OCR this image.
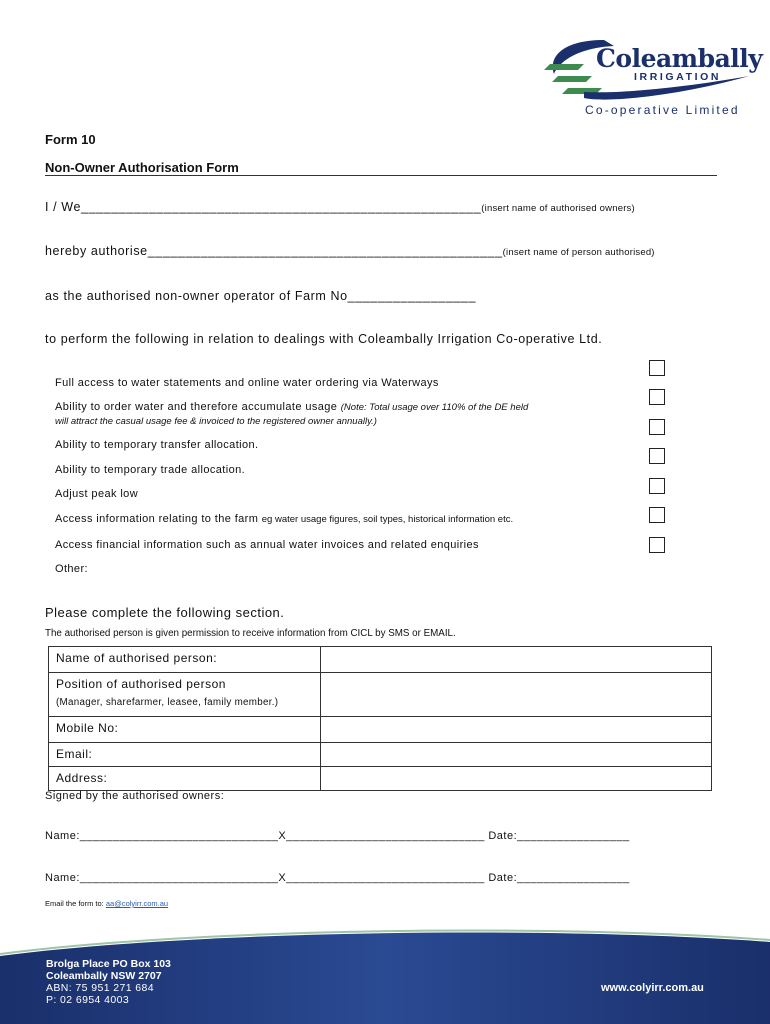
Coleambally
IRRIGATION
Co-operative Limited
Form 10
Non-Owner Authorisation Form
I / We_____________________________________________________(insert name of authorised owners)
hereby authorise_______________________________________________(insert name of person authorised)
as the authorised non-owner operator of Farm No_________________
to perform the following in relation to dealings with Coleambally Irrigation Co-operative Ltd.
Full access to water statements and online water ordering via Waterways
Ability to order water and therefore accumulate usage (Note: Total usage over 110% of the DE held
will attract the casual usage fee & invoiced to the registered owner annually.)
Ability to temporary transfer allocation.
Ability to temporary trade allocation.
Adjust peak low
Access information relating to the farm eg water usage figures, soil types, historical information etc.
Access financial information such as annual water invoices and related enquiries
Other:
Please complete the following section.
The authorised person is given permission to receive information from CICL by SMS or EMAIL.
Name of authorised person:	
Position of authorised person
(Manager, sharefarmer, leasee, family member.)	

Mobile No:	
Email:	
Address:	
Signed by the authorised owners:
Name:______________________________X______________________________ Date:_________________
Name:______________________________X______________________________ Date:_________________
Email the form to: aa@colyirr.com.au
Brolga Place PO Box 103
Coleambally NSW 2707
ABN: 75 951 271 684
P: 02 6954 4003
www.colyirr.com.au
